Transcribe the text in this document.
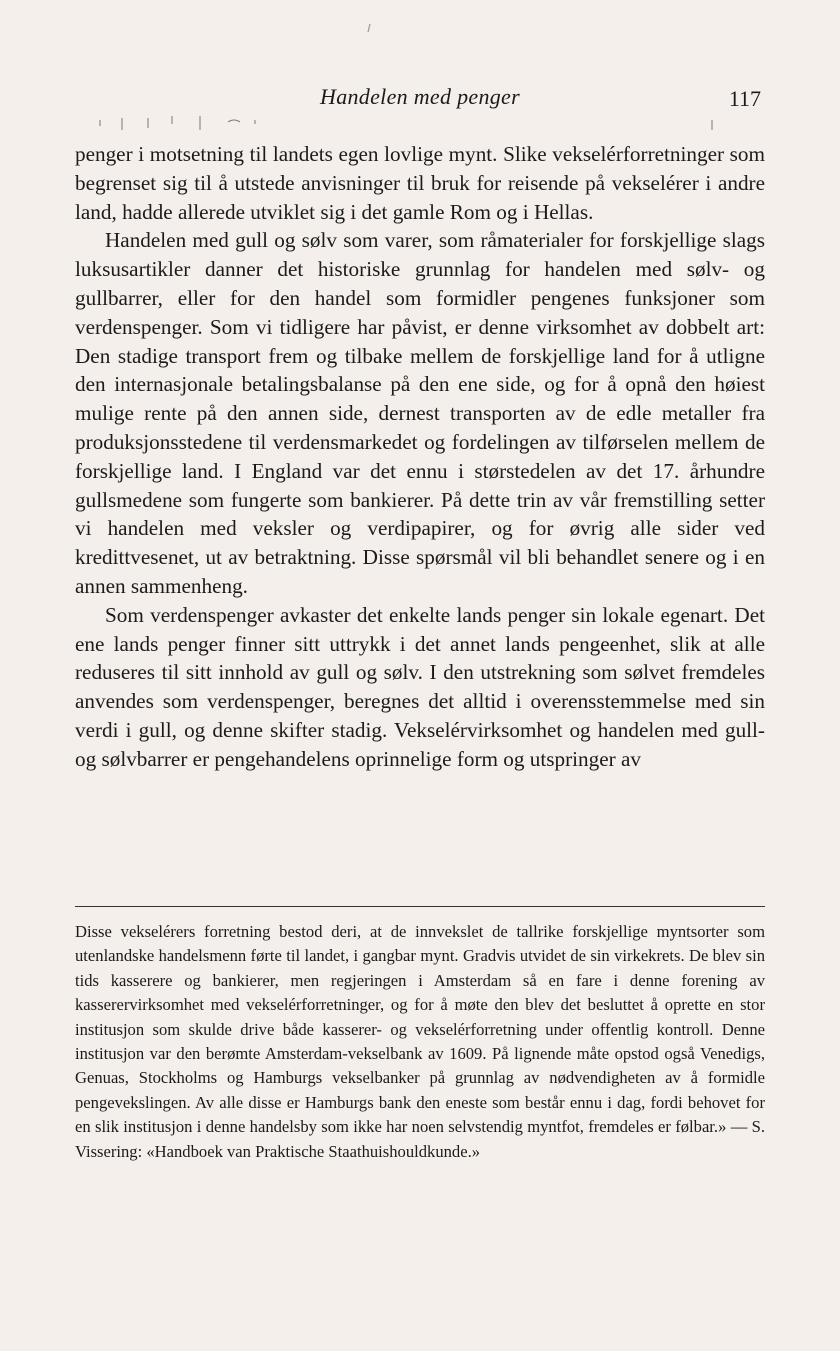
Handelen med penger	117

penger i motsetning til landets egen lovlige mynt. Slike vekselérforretninger som begrenset sig til å utstede anvisninger til bruk for reisende på vekselérer i andre land, hadde allerede utviklet sig i det gamle Rom og i Hellas.

Handelen med gull og sølv som varer, som råmaterialer for forskjellige slags luksusartikler danner det historiske grunnlag for handelen med sølv- og gullbarrer, eller for den handel som formidler pengenes funksjoner som verdenspenger. Som vi tidligere har påvist, er denne virksomhet av dobbelt art: Den stadige transport frem og tilbake mellem de forskjellige land for å utligne den internasjonale betalingsbalanse på den ene side, og for å opnå den høiest mulige rente på den annen side, dernest transporten av de edle metaller fra produksjonsstedene til verdensmarkedet og fordelingen av tilførselen mellem de forskjellige land. I England var det ennu i størstedelen av det 17. århundre gullsmedene som fungerte som bankierer. På dette trin av vår fremstilling setter vi handelen med veksler og verdipapirer, og for øvrig alle sider ved kredittvesenet, ut av betraktning. Disse spørsmål vil bli behandlet senere og i en annen sammenheng.

Som verdenspenger avkaster det enkelte lands penger sin lokale egenart. Det ene lands penger finner sitt uttrykk i det annet lands pengeenhet, slik at alle reduseres til sitt innhold av gull og sølv. I den utstrekning som sølvet fremdeles anvendes som verdenspenger, beregnes det alltid i overensstemmelse med sin verdi i gull, og denne skifter stadig. Vekselérvirksomhet og handelen med gull- og sølvbarrer er pengehandelens oprinnelige form og utspringer av

Disse vekselérers forretning bestod deri, at de innvekslet de tallrike forskjellige myntsorter som utenlandske handelsmenn førte til landet, i gangbar mynt. Gradvis utvidet de sin virkekrets. De blev sin tids kasserere og bankierer, men regjeringen i Amsterdam så en fare i denne forening av kasserervirksomhet med vekselérforretninger, og for å møte den blev det besluttet å oprette en stor institusjon som skulde drive både kasserer- og vekselérforretning under offentlig kontroll. Denne institusjon var den berømte Amsterdam-vekselbank av 1609. På lignende måte opstod også Venedigs, Genuas, Stockholms og Hamburgs vekselbanker på grunnlag av nødvendigheten av å formidle pengevekslingen. Av alle disse er Hamburgs bank den eneste som består ennu i dag, fordi behovet for en slik institusjon i denne handelsby som ikke har noen selvstendig myntfot, fremdeles er følbar.» — S. Vissering: «Handboek van Praktische Staathuishouldkunde.»
